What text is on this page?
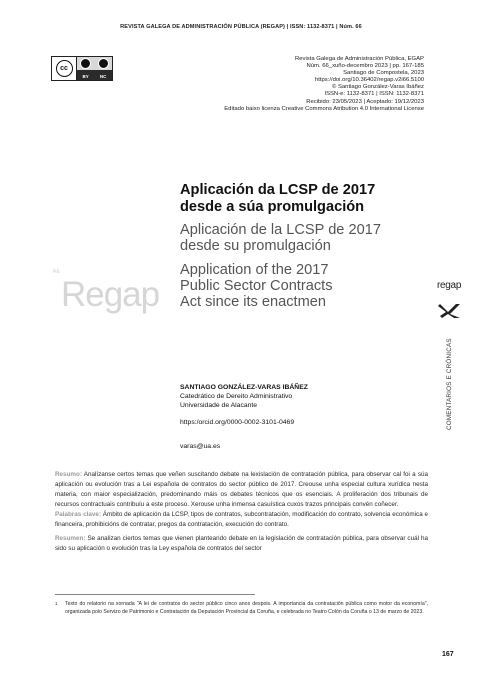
REVISTA GALEGA DE ADMINISTRACIÓN PÚBLICA (REGAP) | ISSN: 1132-8371 | Núm. 66
cc
BY NC
Revista Galega de Administración Pública, EGAP
Núm. 66_xuño-decembro 2023 | pp. 167-185
Santiago de Compostela, 2023
https://doi.org/10.36402/regap.v2i66.5100
© Santiago González-Varas Ibáñez
ISSN-e: 1132-8371 | ISSN: 1132-8371
Recibido: 23/05/2023 | Aceptado: 19/12/2023
Editado baixo licenza Creative Commons Atribution 4.0 International License
Aplicación da LCSP de 2017
desde a súa promulgación
Aplicación de la LCSP de 2017
desde su promulgación
Application of the 2017
Public Sector Contracts
Act since its enactmen
$^{RE}$Regap	regap
COMENTARIOS E CRÓNICAS
SANTIAGO GONZÁLEZ-VARAS IBÁÑEZ
Catedrático de Dereito Administrativo
Universidade de Alacante
https:/orcid.org/0000-0002-3101-0469
varas@ua.es

Resumo: Analízanse certos temas que veñen suscitando debate na lexislación de contratación pública, para observar cal foi a súa aplicación ou evolución tras a Lei española de contratos do sector público de 2017. Creouse unha especial cultura xurídica nesta materia, con maior especialización, predominando máis os debates técnicos que os esenciais. A proliferación dos tribunais de recursos contractuais contribuíu a este proceso. Xerouse unha inmensa casuística cuxos trazos principais convén coñecer.

Palabras clave: Ámbito de aplicación da LCSP, tipos de contratos, subcontratación, modificación do contrato, solvencia económica e financeira, prohibicións de contratar, pregos da contratación, execución do contrato.

Resumen: Se analizan ciertos temas que vienen planteando debate en la legislación de contratación pública, para observar cuál ha sido su aplicación o evolución tras la Ley española de contratos del sector

1 Texto do relatorio na xornada "A lei de contratos do sector público cinco anos despois. A importancia da contratación pública como motor da economía", organizada polo Servizo de Patrimonio e Contratación da Deputación Provincial da Coruña, e celebrada no Teatro Colón da Coruña o 13 de marzo de 2023.
167
